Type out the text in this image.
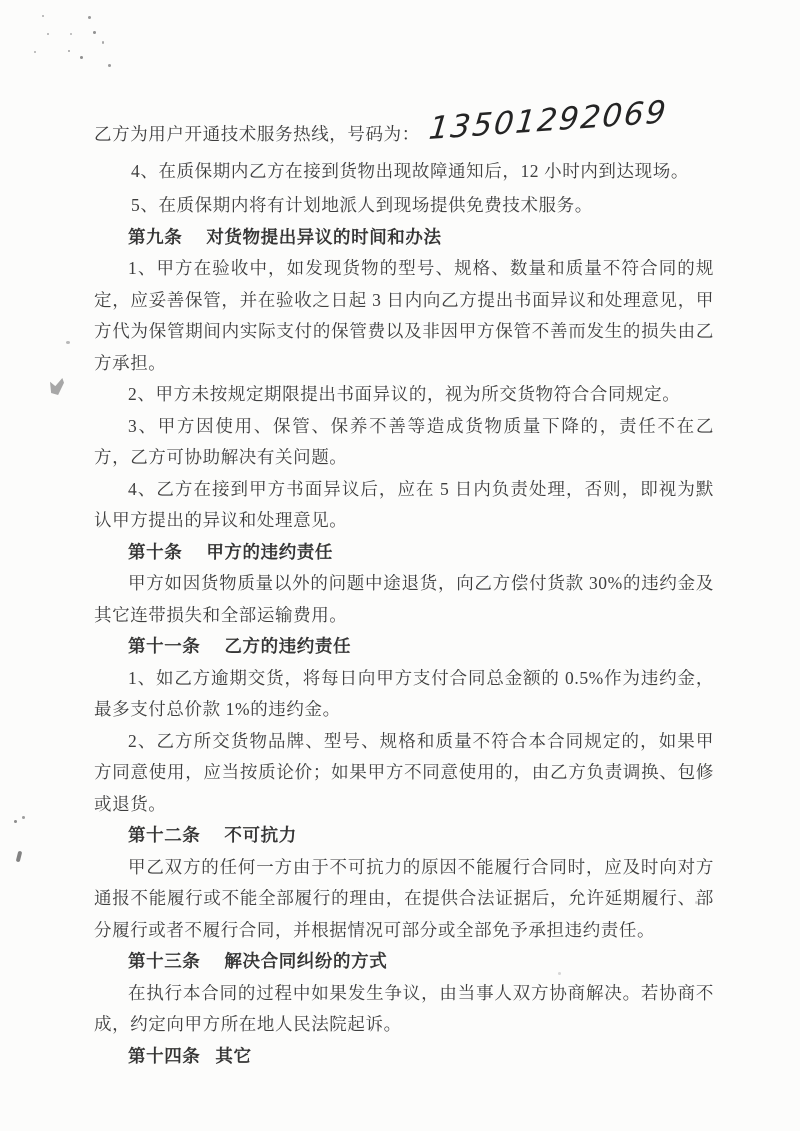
乙方为用户开通技术服务热线，号码为： 13501292069

4、在质保期内乙方在接到货物出现故障通知后，12 小时内到达现场。

5、在质保期内将有计划地派人到现场提供免费技术服务。

第九条 对货物提出异议的时间和办法

1、甲方在验收中，如发现货物的型号、规格、数量和质量不符合同的规定，应妥善保管，并在验收之日起 3 日内向乙方提出书面异议和处理意见，甲方代为保管期间内实际支付的保管费以及非因甲方保管不善而发生的损失由乙方承担。

2、甲方未按规定期限提出书面异议的，视为所交货物符合合同规定。

3、甲方因使用、保管、保养不善等造成货物质量下降的，责任不在乙方，乙方可协助解决有关问题。

4、乙方在接到甲方书面异议后，应在 5 日内负责处理，否则，即视为默认甲方提出的异议和处理意见。

第十条 甲方的违约责任

甲方如因货物质量以外的问题中途退货，向乙方偿付货款 30%的违约金及其它连带损失和全部运输费用。

第十一条 乙方的违约责任

1、如乙方逾期交货，将每日向甲方支付合同总金额的 0.5%作为违约金，最多支付总价款 1%的违约金。

2、乙方所交货物品牌、型号、规格和质量不符合本合同规定的，如果甲方同意使用，应当按质论价；如果甲方不同意使用的，由乙方负责调换、包修或退货。

第十二条 不可抗力

甲乙双方的任何一方由于不可抗力的原因不能履行合同时，应及时向对方通报不能履行或不能全部履行的理由，在提供合法证据后，允许延期履行、部分履行或者不履行合同，并根据情况可部分或全部免予承担违约责任。

第十三条 解决合同纠纷的方式

在执行本合同的过程中如果发生争议，由当事人双方协商解决。若协商不成，约定向甲方所在地人民法院起诉。

第十四条 其它
